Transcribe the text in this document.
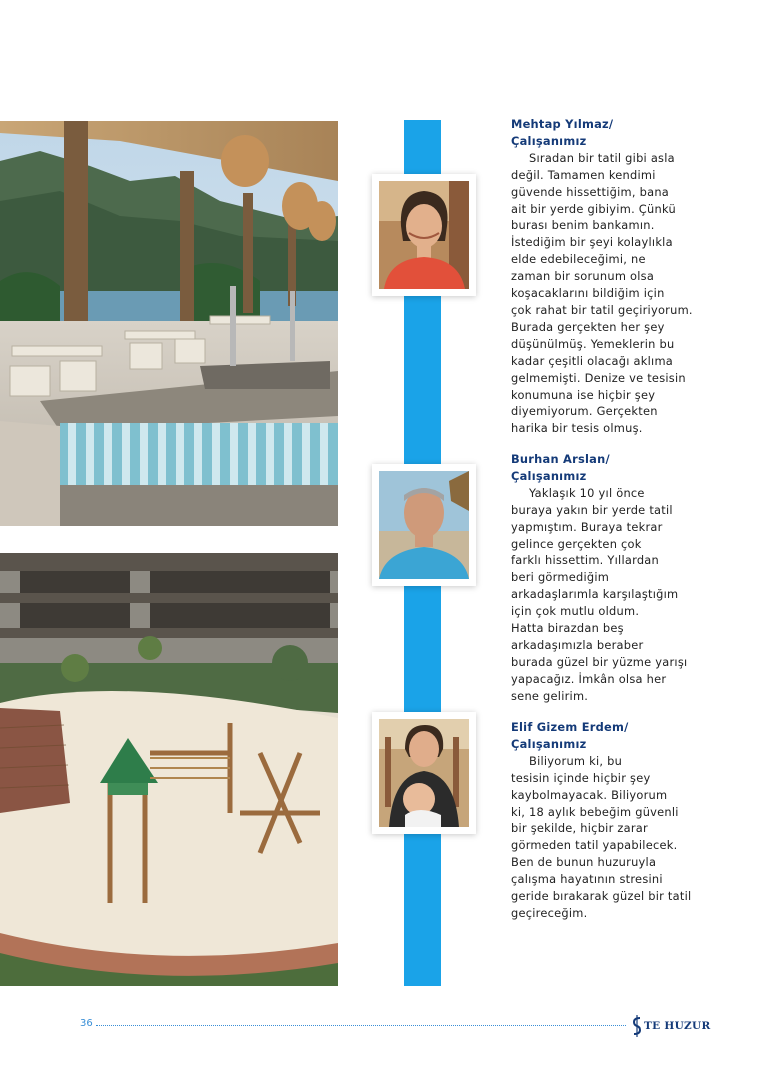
Mehtap Yılmaz/
Çalışanımız
Sıradan bir tatil gibi asla
değil. Tamamen kendimi
güvende hissettiğim, bana
ait bir yerde gibiyim. Çünkü
burası benim bankamın.
İstediğim bir şeyi kolaylıkla
elde edebileceğimi, ne
zaman bir sorunum olsa
koşacaklarını bildiğim için
çok rahat bir tatil geçiriyorum.
Burada gerçekten her şey
düşünülmüş. Yemeklerin bu
kadar çeşitli olacağı aklıma
gelmemişti. Denize ve tesisin
konumuna ise hiçbir şey
diyemiyorum. Gerçekten
harika bir tesis olmuş.
Burhan Arslan/
Çalışanımız
Yaklaşık 10 yıl önce
buraya yakın bir yerde tatil
yapmıştım. Buraya tekrar
gelince gerçekten çok
farklı hissettim. Yıllardan
beri görmediğim
arkadaşlarımla karşılaştığım
için çok mutlu oldum.
Hatta birazdan beş
arkadaşımızla beraber
burada güzel bir yüzme yarışı
yapacağız. İmkân olsa her
sene gelirim.
Elif Gizem Erdem/
Çalışanımız
Biliyorum ki, bu
tesisin içinde hiçbir şey
kaybolmayacak. Biliyorum
ki, 18 aylık bebeğim güvenli
bir şekilde, hiçbir zarar
görmeden tatil yapabilecek.
Ben de bunun huzuruyla
çalışma hayatının stresini
geride bırakarak güzel bir tatil
geçireceğim.
36	TE HUZUR
